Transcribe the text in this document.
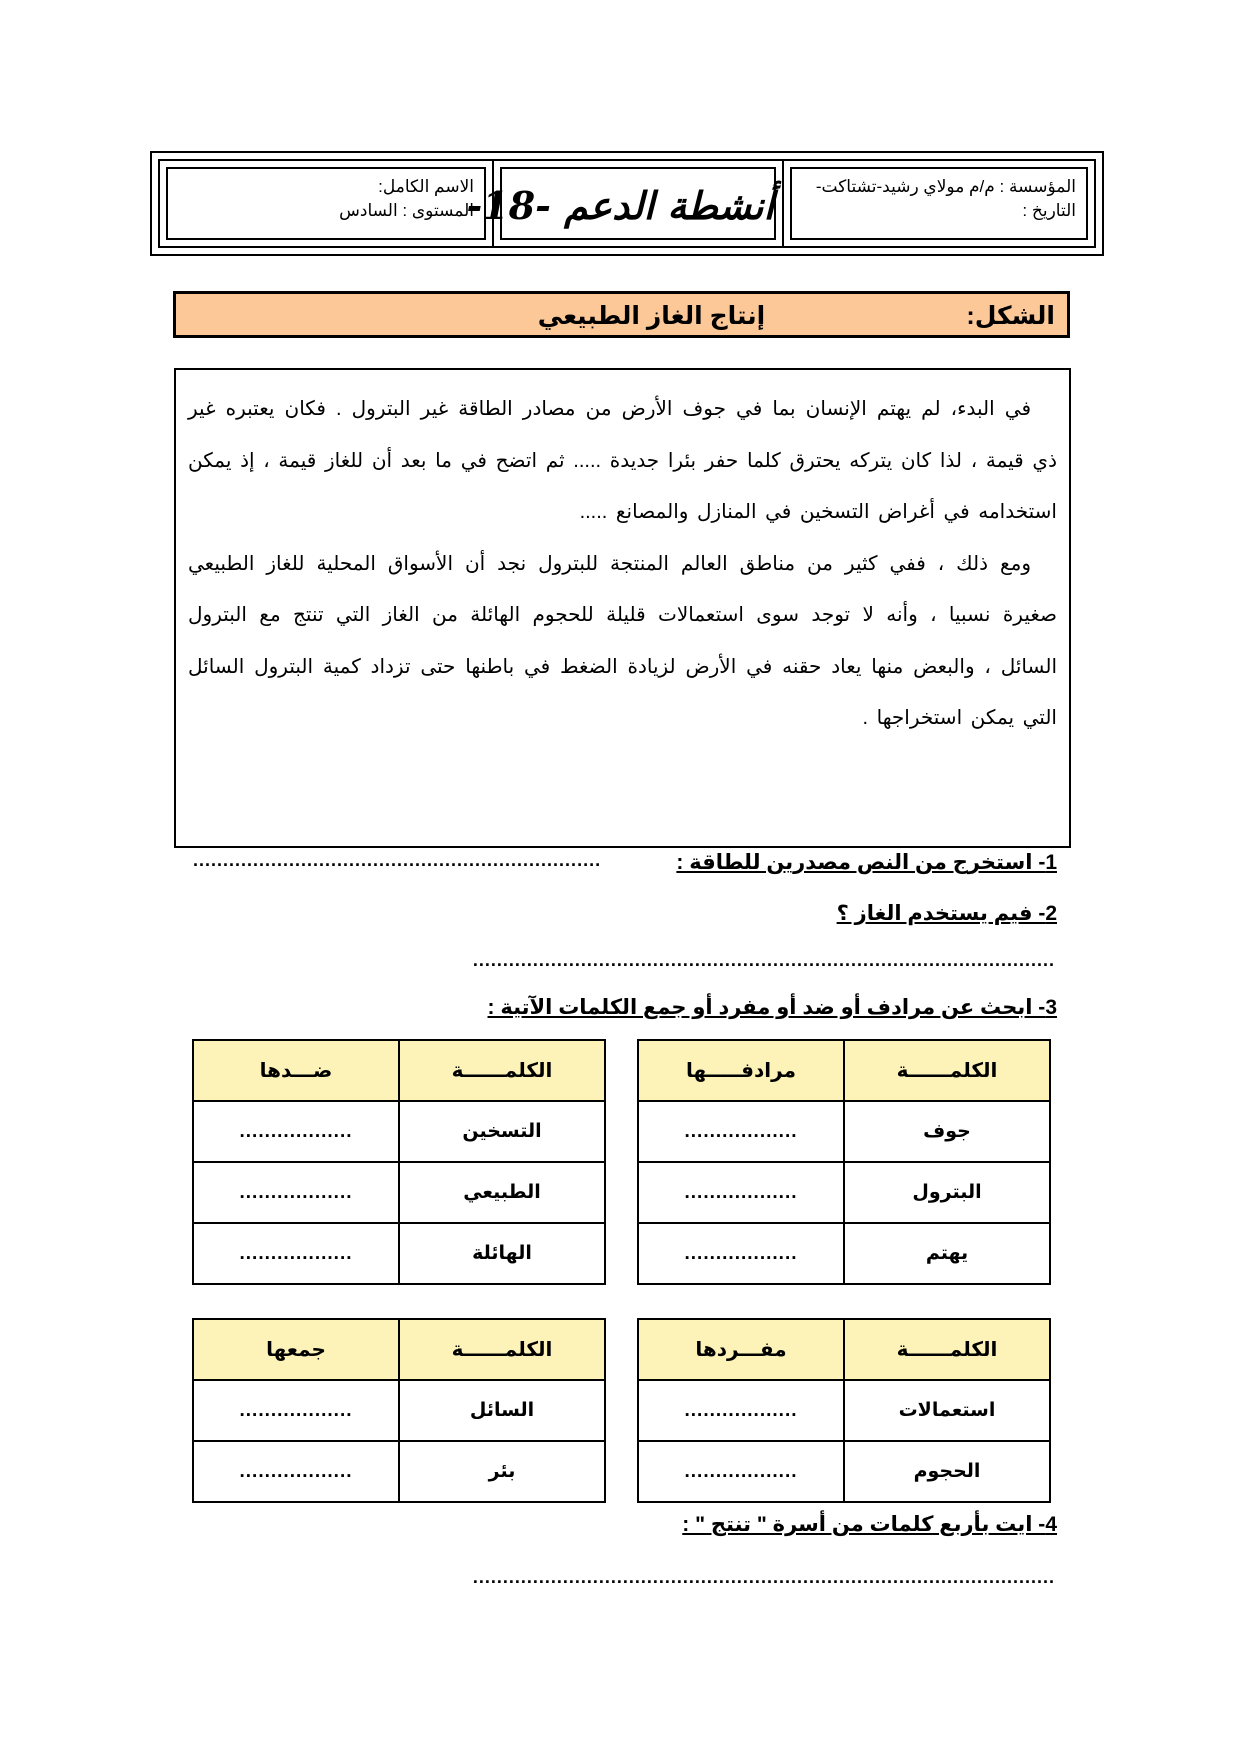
المؤسسة : م/م مولاي رشيد-تشتاكت-
التاريخ :
أنشطة الدعم -18-
الاسم الكامل:
المستوى : السادس
الشكل:
إنتاج الغاز الطبيعي

في البدء، لم يهتم الإنسان بما في جوف الأرض من مصادر الطاقة غير البترول . فكان يعتبره غير ذي قيمة ، لذا كان يتركه يحترق كلما حفر بئرا جديدة ..... ثم اتضح في ما بعد أن للغاز قيمة ، إذ يمكن استخدامه في أغراض التسخين في المنازل والمصانع .....

ومع ذلك ، ففي كثير من مناطق العالم المنتجة للبترول نجد أن الأسواق المحلية للغاز الطبيعي صغيرة نسبيا ، وأنه لا توجد سوى استعمالات قليلة للحجوم الهائلة من الغاز التي تنتج مع البترول السائل ، والبعض منها يعاد حقنه في الأرض لزيادة الضغط في باطنها حتى تزداد كمية البترول السائل التي يمكن استخراجها .

1- استخرج من النص مصدرين للطاقة :
....................................................................
2- فيم يستخدم الغاز ؟
.................................................................................................
3- ابحث عن مرادف أو ضد أو مفرد أو جمع الكلمات الآتية :
الكلمــــــة	مرادفـــــها
جوف	..................
البترول	..................
يهتم	..................
الكلمــــــة	ضـــدها
التسخين	..................
الطبيعي	..................
الهائلة	..................
الكلمــــــة	مفـــردها
استعمالات	..................
الحجوم	..................
الكلمــــــة	جمعها
السائل	..................
بئر	..................
4- ايت بأربع كلمات من أسرة " تنتج " :
.................................................................................................
